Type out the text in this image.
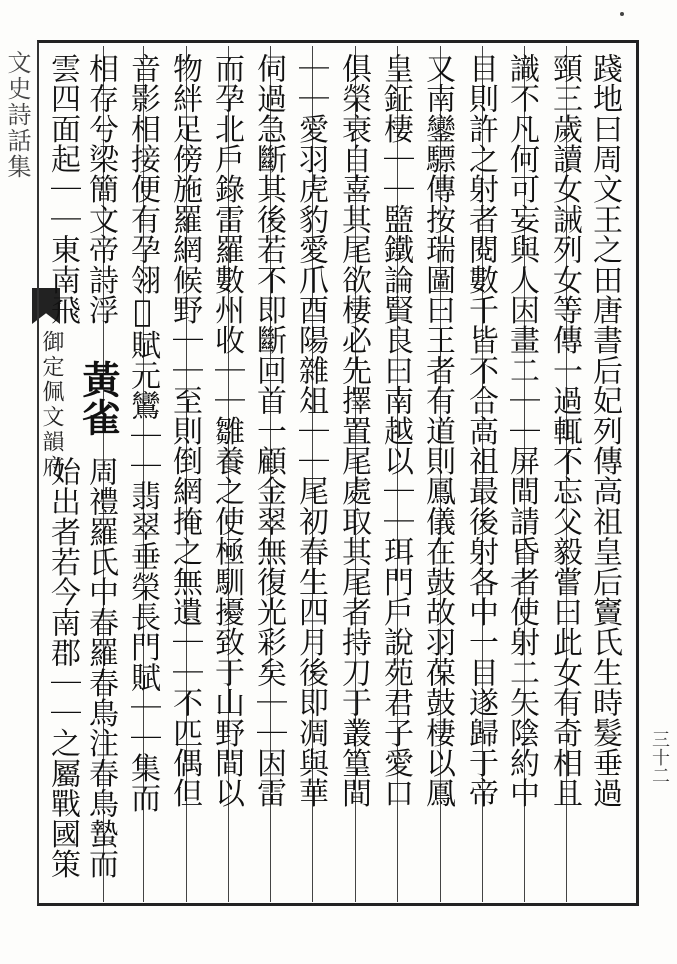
文史詩話集
御定佩文韻府	踐地曰周文王之田唐書后妃列傳高祖皇后竇氏生時髮垂過
頸三歲讀女誡列女等傳一過輒不忘父毅嘗曰此女有奇相且
識不凡何可妄與人因畫二｜｜屏間請昏者使射二矢陰約中
目則許之射者閱數千皆不合高祖最後射各中一目遂歸于帝
又南鑾驃傳按瑞圖曰王者有道則鳳儀在鼓故羽葆鼓棲以鳳
皇鉦棲｜｜盬鐵論賢良曰南越以｜｜珥門戶說苑君子愛口
俱榮衰自喜其尾欲棲必先擇置尾處取其尾者持刀于叢篁間
｜｜愛羽虎豹愛爪酉陽雜俎｜｜尾初春生四月後即凋與華
伺過急斷其後若不即斷回首一顧金翠無復光彩矣｜｜因雷
而孕北戶錄雷羅數州收｜｜雛養之使極馴擾致于山野間以
物絆足傍施羅網候野｜｜至則倒網掩之無遺｜｜不匹偶但
音影相接便有孕翎𢧐賦元鸞｜｜翡翠垂榮長門賦｜｜集而
相存兮梁簡文帝詩浮
黃雀
周禮羅氏中春羅春鳥注春鳥蟄而
雲四面起｜｜東南飛
始出者若今南郡｜｜之屬戰國策	三十二
